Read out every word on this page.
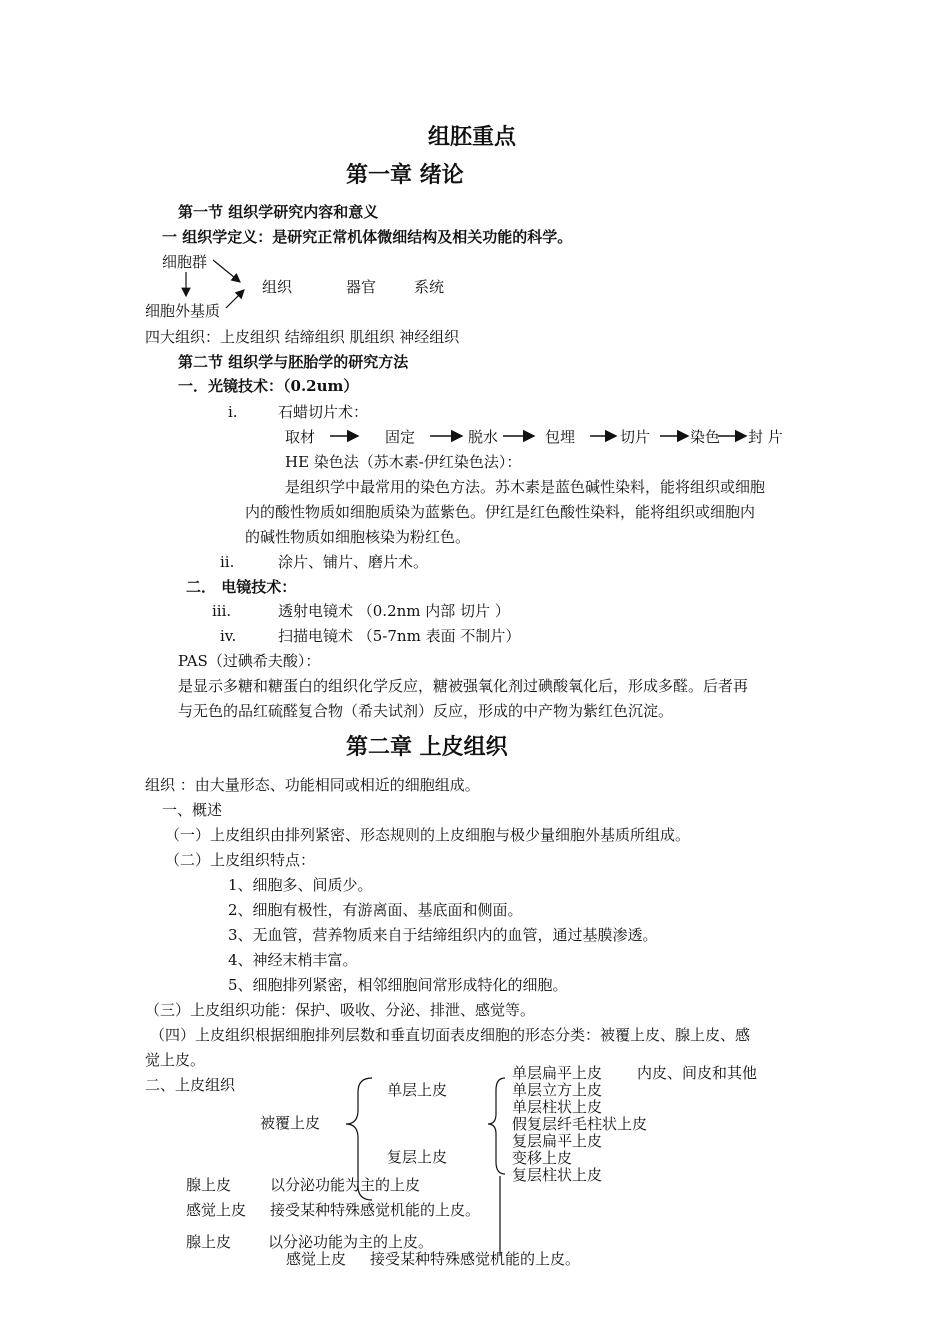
组胚重点
第一章 绪论
第一节 组织学研究内容和意义
一 组织学定义：是研究正常机体微细结构及相关功能的科学。
细胞群
细胞外基质
组织	器官	系统
四大组织：上皮组织 结缔组织 肌组织 神经组织
第二节 组织学与胚胎学的研究方法
一．光镜技术：（0.2um）
i.	石蜡切片术：
取材	固定	脱水	包埋	切片	染色 封 片
HE 染色法（苏木素-伊红染色法）：
是组织学中最常用的染色方法。苏木素是蓝色碱性染料，能将组织或细胞
内的酸性物质如细胞质染为蓝紫色。伊红是红色酸性染料，能将组织或细胞内
的碱性物质如细胞核染为粉红色。
ii.	涂片、铺片、磨片术。
二． 电镜技术：
iii.	透射电镜术 （0.2nm 内部 切片 ）
iv.	扫描电镜术 （5-7nm 表面 不制片）
PAS（过碘希夫酸）：
是显示多糖和糖蛋白的组织化学反应，糖被强氧化剂过碘酸氧化后，形成多醛。后者再
与无色的品红硫醛复合物（希夫试剂）反应，形成的中产物为紫红色沉淀。
第二章 上皮组织
组织 ：由大量形态、功能相同或相近的细胞组成。
一、概述
（一）上皮组织由排列紧密、形态规则的上皮细胞与极少量细胞外基质所组成。
（二）上皮组织特点：
1、细胞多、间质少。
2、细胞有极性，有游离面、基底面和侧面。
3、无血管，营养物质来自于结缔组织内的血管，通过基膜渗透。
4、神经末梢丰富。
5、细胞排列紧密，相邻细胞间常形成特化的细胞。
（三）上皮组织功能：保护、吸收、分泌、排泄、感觉等。
（四）上皮组织根据细胞排列层数和垂直切面表皮细胞的形态分类：被覆上皮、腺上皮、感
觉上皮。
二、上皮组织
被覆上皮
单层上皮
复层上皮
单层扁平上皮 内皮、间皮和其他
单层立方上皮
单层柱状上皮
假复层纤毛柱状上皮
复层扁平上皮
变移上皮
复层柱状上皮
腺上皮	以分泌功能为主的上皮
感觉上皮 接受某种特殊感觉机能的上皮。
腺上皮 以分泌功能为主的上皮。
感觉上皮 接受某种特殊感觉机能的上皮。
